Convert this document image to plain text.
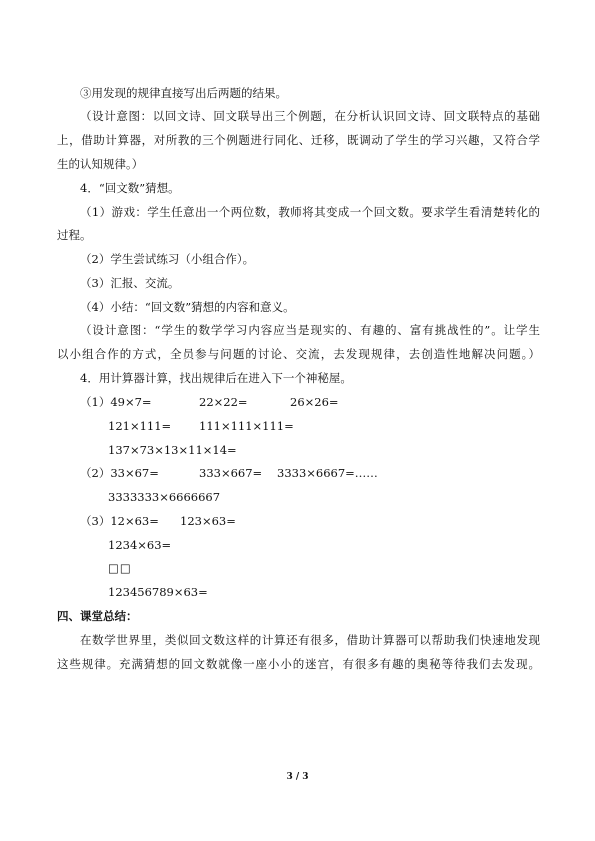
③用发现的规律直接写出后两题的结果。
（设计意图：以回文诗、回文联导出三个例题，在分析认识回文诗、回文联特点的基础
上，借助计算器，对所教的三个例题进行同化、迁移，既调动了学生的学习兴趣，又符合学
生的认知规律。）
4．“回文数”猜想。
（1）游戏：学生任意出一个两位数，教师将其变成一个回文数。要求学生看清楚转化的
过程。
（2）学生尝试练习（小组合作）。
（3）汇报、交流。
（4）小结：“回文数”猜想的内容和意义。
（设计意图：“学生的数学学习内容应当是现实的、有趣的、富有挑战性的”。让学生
以小组合作的方式，全员参与问题的讨论、交流，去发现规律，去创造性地解决问题。）
4．用计算器计算，找出规律后在进入下一个神秘屋。
（1）49×7=	22×22=	26×26=
121×111= 111×111×111=
137×73×13×11×14=
（2）33×67=	333×667= 3333×6667=……
3333333×6666667
（3）12×63= 123×63=
1234×63=
□□
123456789×63=
四、课堂总结：
在数学世界里，类似回文数这样的计算还有很多，借助计算器可以帮助我们快速地发现
这些规律。充满猜想的回文数就像一座小小的迷宫，有很多有趣的奥秘等待我们去发现。
3 / 3
